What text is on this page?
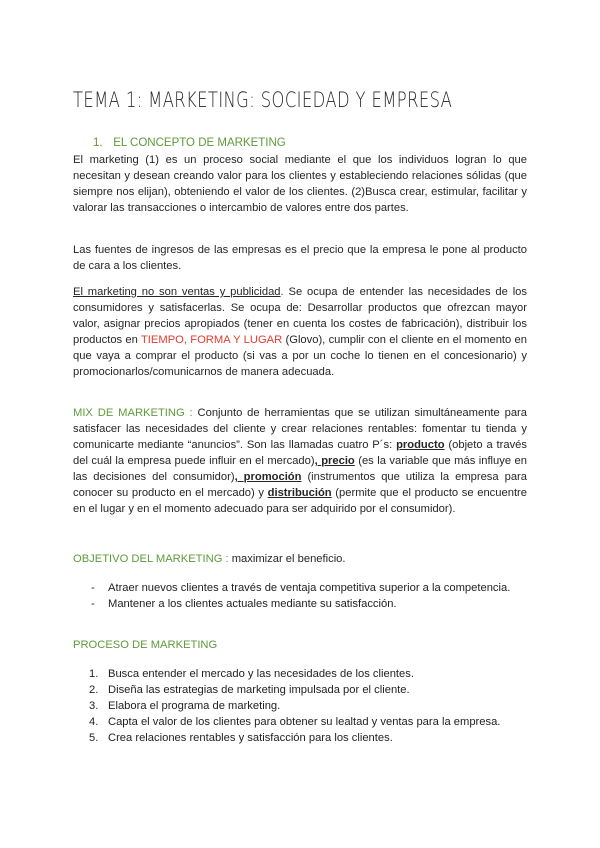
TEMA 1: MARKETING: SOCIEDAD Y EMPRESA
1. EL CONCEPTO DE MARKETING

El marketing (1) es un proceso social mediante el que los individuos logran lo que necesitan y desean creando valor para los clientes y estableciendo relaciones sólidas (que siempre nos elijan), obteniendo el valor de los clientes. (2)Busca crear, estimular, facilitar y valorar las transacciones o intercambio de valores entre dos partes.

Las fuentes de ingresos de las empresas es el precio que la empresa le pone al producto de cara a los clientes.

El marketing no son ventas y publicidad. Se ocupa de entender las necesidades de los consumidores y satisfacerlas. Se ocupa de: Desarrollar productos que ofrezcan mayor valor, asignar precios apropiados (tener en cuenta los costes de fabricación), distribuir los productos en TIEMPO, FORMA Y LUGAR (Glovo), cumplir con el cliente en el momento en que vaya a comprar el producto (si vas a por un coche lo tienen en el concesionario) y promocionarlos/comunicarnos de manera adecuada.

MIX DE MARKETING : Conjunto de herramientas que se utilizan simultáneamente para satisfacer las necesidades del cliente y crear relaciones rentables: fomentar tu tienda y comunicarte mediante “anuncios”. Son las llamadas cuatro P´s: producto (objeto a través del cuál la empresa puede influir en el mercado), precio (es la variable que más influye en las decisiones del consumidor), promoción (instrumentos que utiliza la empresa para conocer su producto en el mercado) y distribución (permite que el producto se encuentre en el lugar y en el momento adecuado para ser adquirido por el consumidor).

OBJETIVO DEL MARKETING : maximizar el beneficio.

- Atraer nuevos clientes a través de ventaja competitiva superior a la competencia.
- Mantener a los clientes actuales mediante su satisfacción.
PROCESO DE MARKETING
1. Busca entender el mercado y las necesidades de los clientes.
2. Diseña las estrategias de marketing impulsada por el cliente.
3. Elabora el programa de marketing.
4. Capta el valor de los clientes para obtener su lealtad y ventas para la empresa.
5. Crea relaciones rentables y satisfacción para los clientes.
